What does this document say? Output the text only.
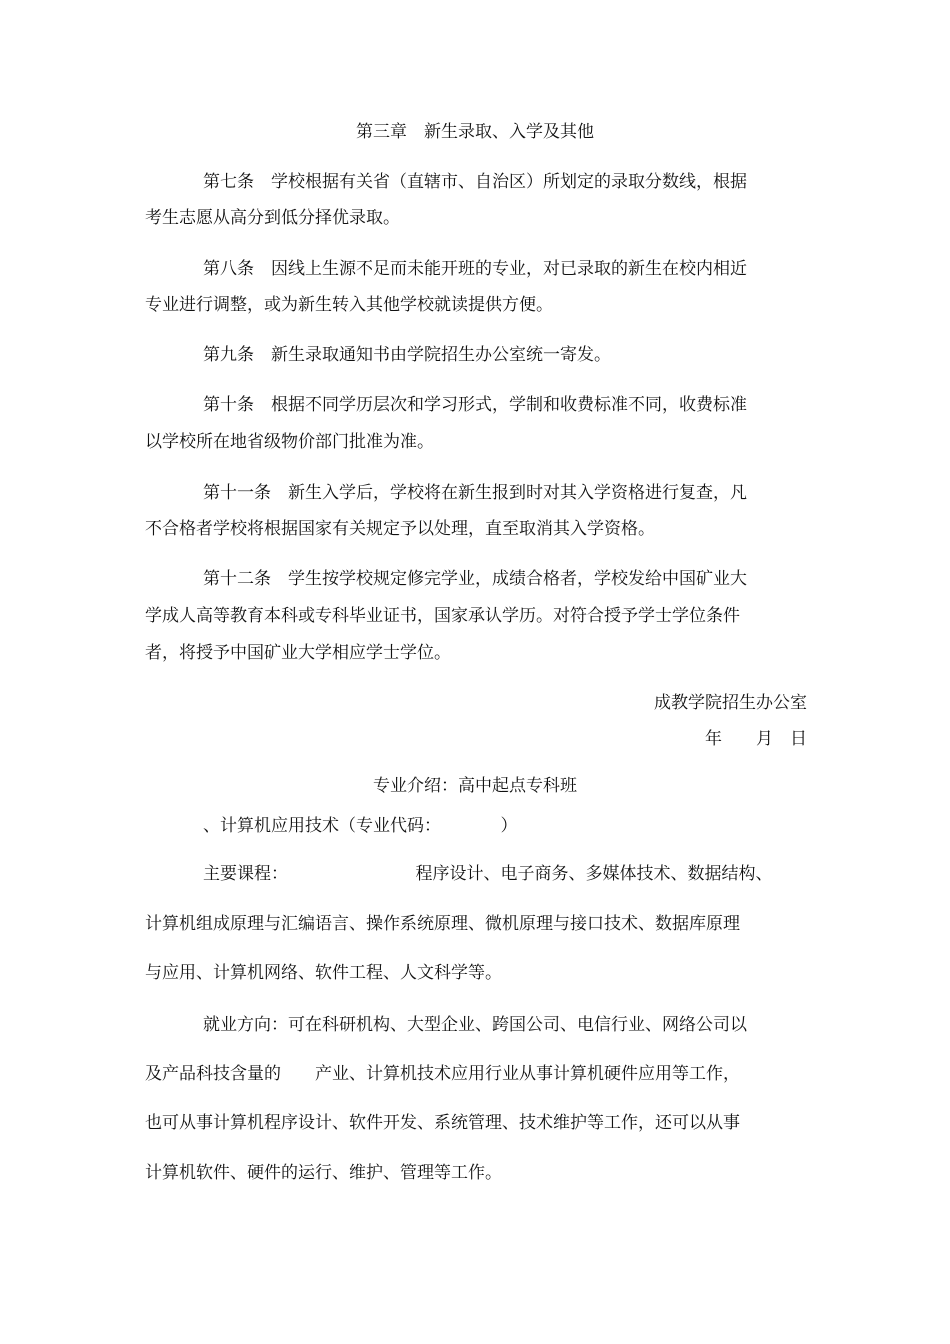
第三章　新生录取、入学及其他
第七条　学校根据有关省（直辖市、自治区）所划定的录取分数线，根据
考生志愿从高分到低分择优录取。
第八条　因线上生源不足而未能开班的专业，对已录取的新生在校内相近
专业进行调整，或为新生转入其他学校就读提供方便。
第九条　新生录取通知书由学院招生办公室统一寄发。
第十条　根据不同学历层次和学习形式，学制和收费标准不同，收费标准
以学校所在地省级物价部门批准为准。
第十一条　新生入学后，学校将在新生报到时对其入学资格进行复查，凡
不合格者学校将根据国家有关规定予以处理，直至取消其入学资格。
第十二条　学生按学校规定修完学业，成绩合格者，学校发给中国矿业大
学成人高等教育本科或专科毕业证书，国家承认学历。对符合授予学士学位条件
者，将授予中国矿业大学相应学士学位。
成教学院招生办公室
年　　月　日
专业介绍：高中起点专科班
、计算机应用技术（专业代码：　　　　）
主要课程：　　　　　　　　程序设计、电子商务、多媒体技术、数据结构、
计算机组成原理与汇编语言、操作系统原理、微机原理与接口技术、数据库原理
与应用、计算机网络、软件工程、人文科学等。
就业方向：可在科研机构、大型企业、跨国公司、电信行业、网络公司以
及产品科技含量的　　产业、计算机技术应用行业从事计算机硬件应用等工作，
也可从事计算机程序设计、软件开发、系统管理、技术维护等工作，还可以从事
计算机软件、硬件的运行、维护、管理等工作。
